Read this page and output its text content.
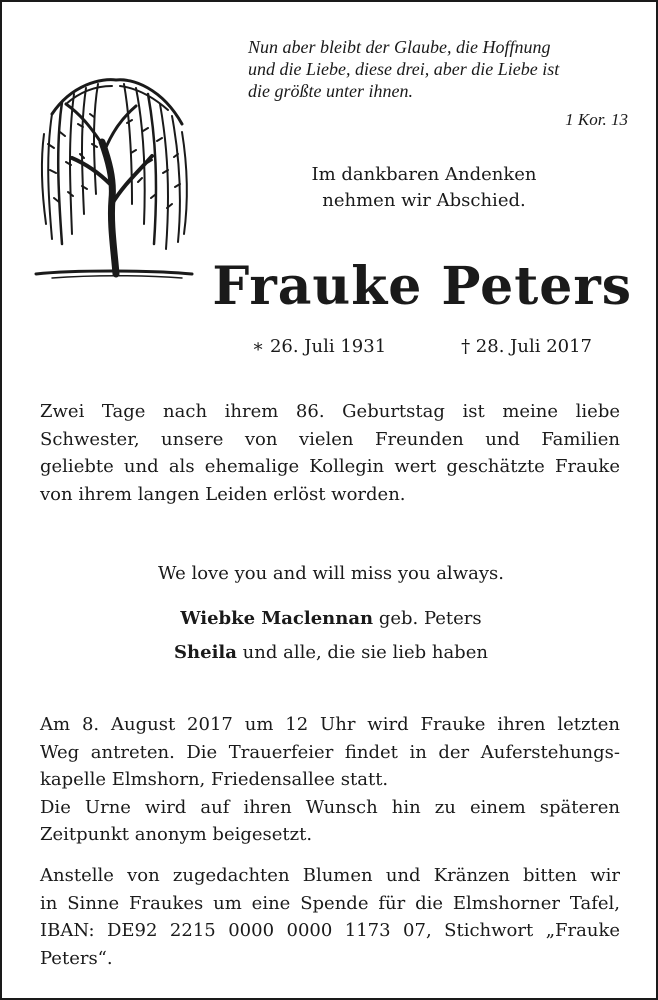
Nun aber bleibt der Glaube, die Hoffnung
und die Liebe, diese drei, aber die Liebe ist
die größte unter ihnen.
1 Kor. 13
Im dankbaren Andenken
nehmen wir Abschied.
Frauke Peters
∗ 26. Juli 1931	† 28. Juli 2017
Zwei Tage nach ihrem 86. Geburtstag ist meine liebe
Schwester, unsere von vielen Freunden und Familien
geliebte und als ehemalige Kollegin wert geschätzte Frauke
von ihrem langen Leiden erlöst worden.
We love you and will miss you always.
Wiebke Maclennan geb. Peters
Sheila und alle, die sie lieb haben
Am 8. August 2017 um 12 Uhr wird Frauke ihren letzten
Weg antreten. Die Trauerfeier findet in der Auferstehungs-
kapelle Elmshorn, Friedensallee statt.
Die Urne wird auf ihren Wunsch hin zu einem späteren
Zeitpunkt anonym beigesetzt.
Anstelle von zugedachten Blumen und Kränzen bitten wir
in Sinne Fraukes um eine Spende für die Elmshorner Tafel,
IBAN: DE92 2215 0000 0000 1173 07, Stichwort „Frauke
Peters“.
